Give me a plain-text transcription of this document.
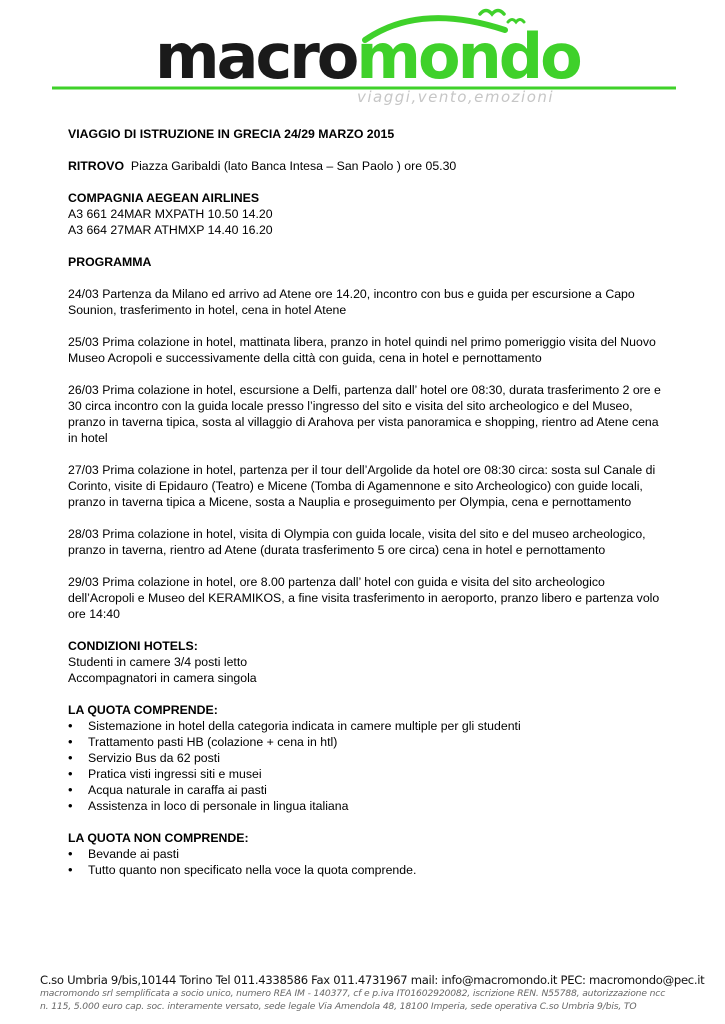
macromondo
viaggi,vento,emozioni

VIAGGIO DI ISTRUZIONE IN GRECIA 24/29 MARZO 2015

RITROVO Piazza Garibaldi (lato Banca Intesa – San Paolo ) ore 05.30

COMPAGNIA AEGEAN AIRLINES

A3 661 24MAR MXPATH 10.50 14.20

A3 664 27MAR ATHMXP 14.40 16.20

PROGRAMMA

24/03 Partenza da Milano ed arrivo ad Atene ore 14.20, incontro con bus e guida per escursione a Capo Sounion, trasferimento in hotel, cena in hotel Atene

25/03 Prima colazione in hotel, mattinata libera, pranzo in hotel quindi nel primo pomeriggio visita del Nuovo Museo Acropoli e successivamente della città con guida, cena in hotel e pernottamento

26/03 Prima colazione in hotel, escursione a Delfi, partenza dall’ hotel ore 08:30, durata trasferimento 2 ore e 30 circa incontro con la guida locale presso l’ingresso del sito e visita del sito archeologico e del Museo, pranzo in taverna tipica, sosta al villaggio di Arahova per vista panoramica e shopping, rientro ad Atene cena in hotel

27/03 Prima colazione in hotel, partenza per il tour dell’Argolide da hotel ore 08:30 circa: sosta sul Canale di Corinto, visite di Epidauro (Teatro) e Micene (Tomba di Agamennone e sito Archeologico) con guide locali, pranzo in taverna tipica a Micene, sosta a Nauplia e proseguimento per Olympia, cena e pernottamento

28/03 Prima colazione in hotel, visita di Olympia con guida locale, visita del sito e del museo archeologico, pranzo in taverna, rientro ad Atene (durata trasferimento 5 ore circa) cena in hotel e pernottamento

29/03 Prima colazione in hotel, ore 8.00 partenza dall’ hotel con guida e visita del sito archeologico dell’Acropoli e Museo del KERAMIKOS, a fine visita trasferimento in aeroporto, pranzo libero e partenza volo ore 14:40

CONDIZIONI HOTELS:

Studenti in camere 3/4 posti letto

Accompagnatori in camera singola

LA QUOTA COMPRENDE:

• Sistemazione in hotel della categoria indicata in camere multiple per gli studenti
• Trattamento pasti HB (colazione + cena in htl)
• Servizio Bus da 62 posti
• Pratica visti ingressi siti e musei
• Acqua naturale in caraffa ai pasti
• Assistenza in loco di personale in lingua italiana

LA QUOTA NON COMPRENDE:

• Bevande ai pasti
• Tutto quanto non specificato nella voce la quota comprende.
C.so Umbria 9/bis,10144 Torino Tel 011.4338586 Fax 011.4731967 mail: info@macromondo.it PEC: macromondo@pec.it
macromondo srl semplificata a socio unico, numero REA IM - 140377, cf e p.iva IT01602920082, iscrizione REN. N55788, autorizzazione ncc
n. 115, 5.000 euro cap. soc. interamente versato, sede legale Via Amendola 48, 18100 Imperia, sede operativa C.so Umbria 9/bis, TO
